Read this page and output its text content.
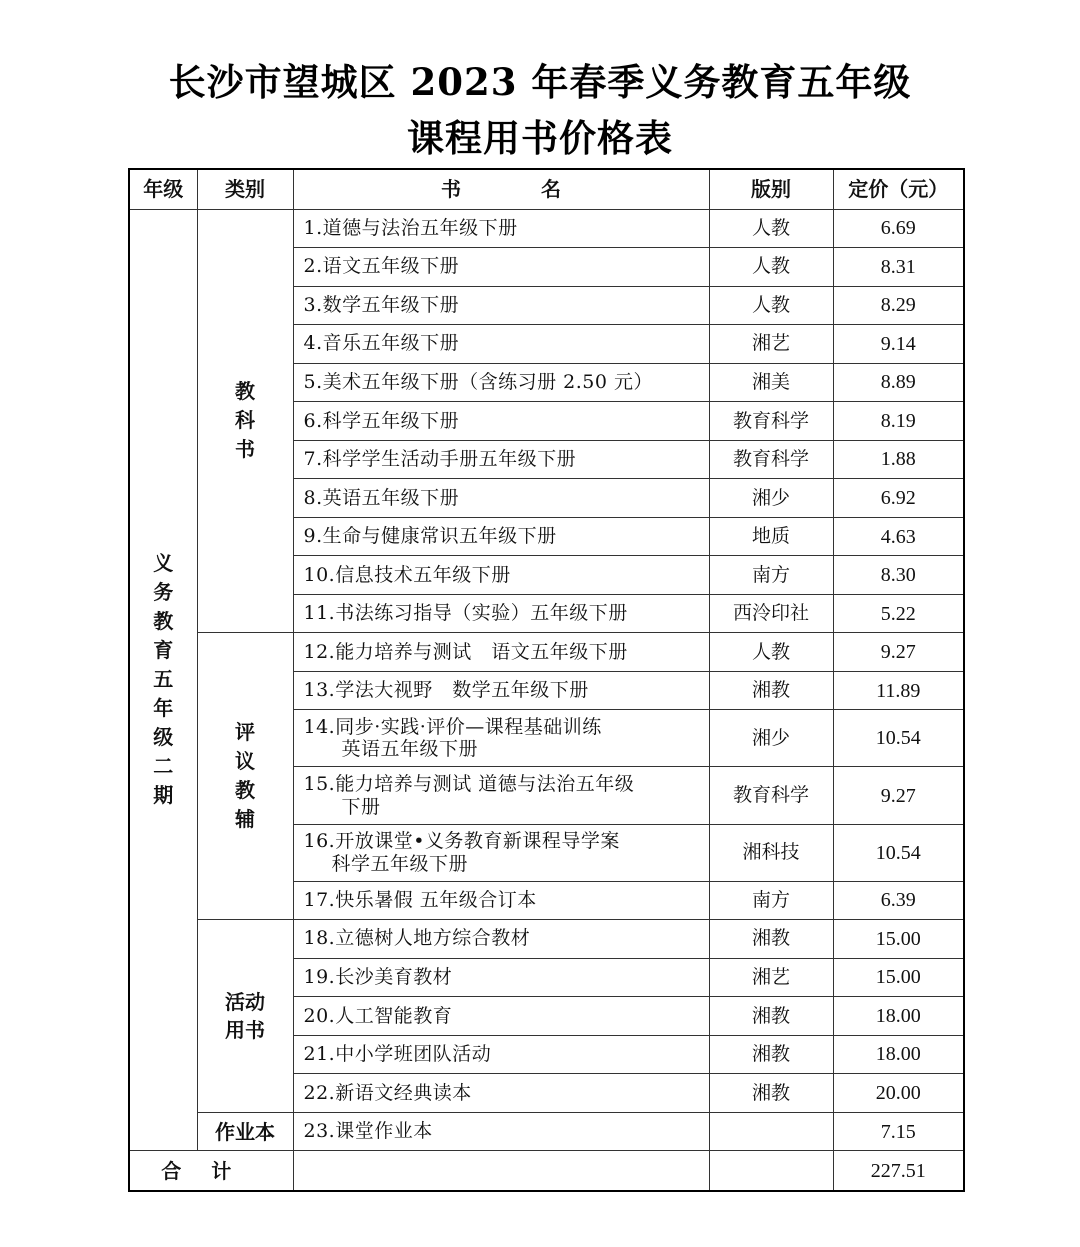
长沙市望城区 2023 年春季义务教育五年级
课程用书价格表
年级	类别	书　　　　名	版别	定价（元）
义务教育五年级二期	教科书	1.道德与法治五年级下册	人教	6.69
		2.语文五年级下册	人教	8.31
		3.数学五年级下册	人教	8.29
		4.音乐五年级下册	湘艺	9.14
		5.美术五年级下册（含练习册 2.50 元）	湘美	8.89
		6.科学五年级下册	教育科学	8.19
		7.科学学生活动手册五年级下册	教育科学	1.88
		8.英语五年级下册	湘少	6.92
		9.生命与健康常识五年级下册	地质	4.63
		10.信息技术五年级下册	南方	8.30
		11.书法练习指导（实验）五年级下册	西泠印社	5.22
	评议教辅	12.能力培养与测试　语文五年级下册	人教	9.27
		13.学法大视野　数学五年级下册	湘教	11.89
		14.同步·实践·评价—课程基础训练
英语五年级下册	湘少	10.54
		15.能力培养与测试 道德与法治五年级
下册	教育科学	9.27
		16.开放课堂•义务教育新课程导学案
科学五年级下册	湘科技	10.54
		17.快乐暑假 五年级合订本	南方	6.39
	活动用书	18.立德树人地方综合教材	湘教	15.00
		19.长沙美育教材	湘艺	15.00
		20.人工智能教育	湘教	18.00
		21.中小学班团队活动	湘教	18.00
		22.新语文经典读本	湘教	20.00
	作业本	23.课堂作业本		7.15
合计				227.51
